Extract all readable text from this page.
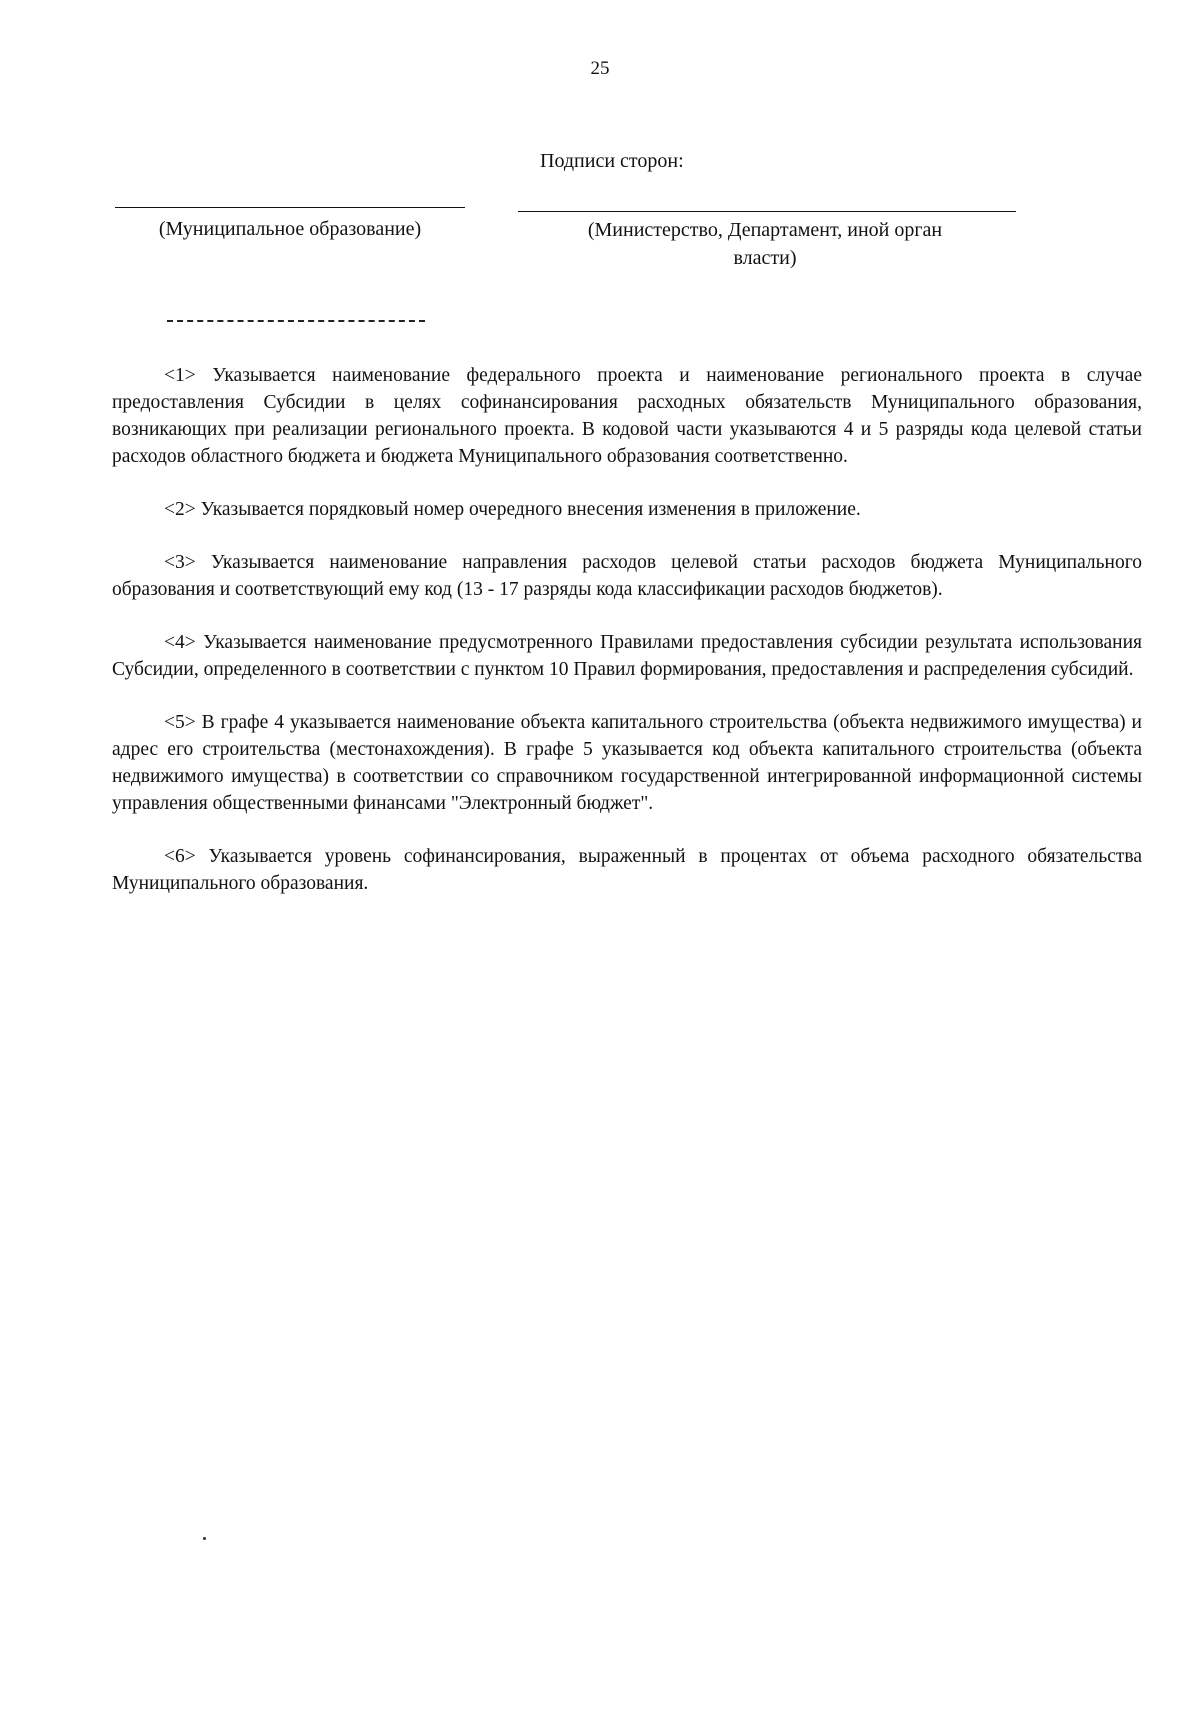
25
Подписи сторон:
(Муниципальное образование)	(Министерство, Департамент, иной орган
власти)

<1> Указывается наименование федерального проекта и наименование регионального проекта в случае предоставления Субсидии в целях софинансирования расходных обязательств Муниципального образования, возникающих при реализации регионального проекта. В кодовой части указываются 4 и 5 разряды кода целевой статьи расходов областного бюджета и бюджета Муниципального образования соответственно.

<2> Указывается порядковый номер очередного внесения изменения в приложение.

<3> Указывается наименование направления расходов целевой статьи расходов бюджета Муниципального образования и соответствующий ему код (13 - 17 разряды кода классификации расходов бюджетов).

<4> Указывается наименование предусмотренного Правилами предоставления субсидии результата использования Субсидии, определенного в соответствии с пунктом 10 Правил формирования, предоставления и распределения субсидий.

<5> В графе 4 указывается наименование объекта капитального строительства (объекта недвижимого имущества) и адрес его строительства (местонахождения). В графе 5 указывается код объекта капитального строительства (объекта недвижимого имущества) в соответствии со справочником государственной интегрированной информационной системы управления общественными финансами "Электронный бюджет".

<6> Указывается уровень софинансирования, выраженный в процентах от объема расходного обязательства Муниципального образования.
